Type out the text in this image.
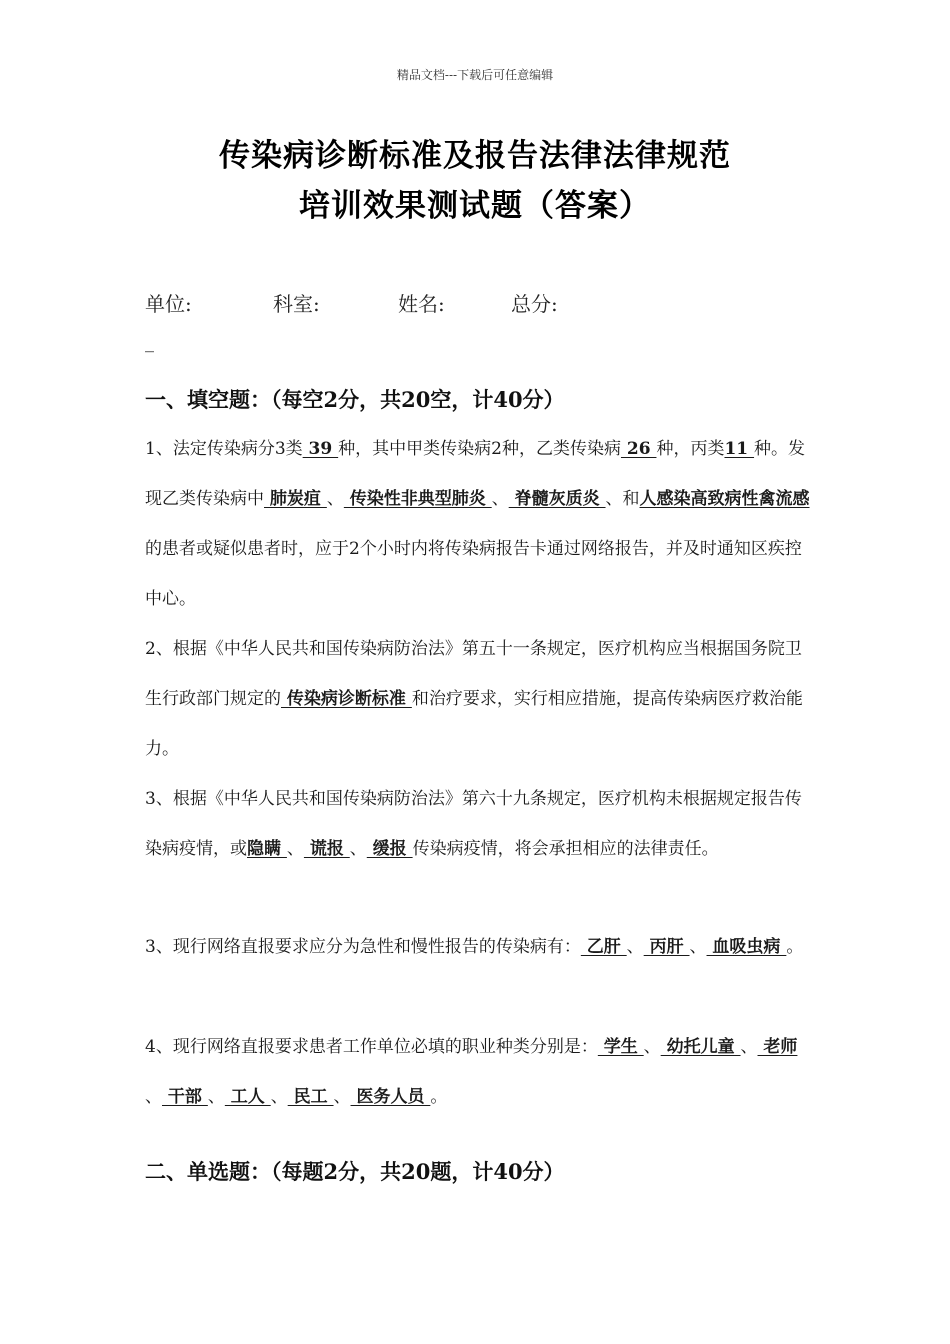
精品文档---下载后可任意编辑
传染病诊断标准及报告法律法律规范
培训效果测试题（答案）
单位:	科室:	姓名:	总分:
_
一、填空题：（每空2分，共20空，计40分）
1、法定传染病分3类 39 种，其中甲类传染病2种，乙类传染病 26 种，丙类11 种。发现乙类传染病中 肺炭疽 、 传染性非典型肺炎 、 脊髓灰质炎 、和人感染高致病性禽流感 的患者或疑似患者时，应于2个小时内将传染病报告卡通过网络报告，并及时通知区疾控中心。
2、根据《中华人民共和国传染病防治法》第五十一条规定，医疗机构应当根据国务院卫生行政部门规定的 传染病诊断标准 和治疗要求，实行相应措施，提高传染病医疗救治能力。
3、根据《中华人民共和国传染病防治法》第六十九条规定，医疗机构未根据规定报告传染病疫情，或隐瞒 、 谎报 、 缓报 传染病疫情，将会承担相应的法律责任。
3、现行网络直报要求应分为急性和慢性报告的传染病有： 乙肝 、 丙肝 、 血吸虫病 。
4、现行网络直报要求患者工作单位必填的职业种类分别是： 学生 、 幼托儿童 、 老师 、 干部 、 工人 、 民工 、 医务人员 。
二、单选题：（每题2分，共20题，计40分）
